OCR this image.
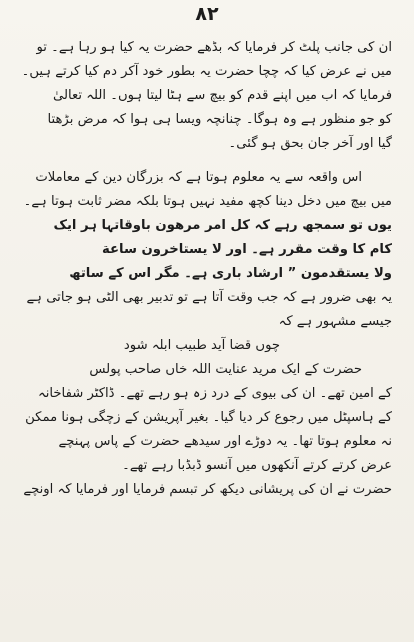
۸۲
ان کی جانب پلٹ کر فرمایا کہ بڈھے حضرت یہ کیا ہو رہا ہے۔ تو
میں نے عرض کیا کہ چچا حضرت یہ بطور خود آکر دم کیا کرتے ہیں۔
فرمایا کہ اب میں اپنے قدم کو بیچ سے ہٹا لیتا ہوں۔ اللہ تعالیٰ
کو جو منظور ہے وہ ہوگا۔ چنانچہ ویسا ہی ہوا کہ مرض بڑھتا
گیا اور آخر جان بحق ہو گئی۔
اس واقعہ سے یہ معلوم ہوتا ہے کہ بزرگان دین کے معاملات
میں بیچ میں دخل دینا کچھ مفید نہیں ہوتا بلکہ مضر ثابت ہوتا ہے۔
یوں تو سمجھ رہے کہ کل امر مرهون باوقاتہا ہر ایک
کام کا وقت مقرر ہے۔ اور لا یستاخرون ساعة
ولا یستقدمون ” ارشاد باری ہے۔ مگر اس کے ساتھ
یہ بھی ضرور ہے کہ جب وقت آتا ہے تو تدبیر بھی الٹی ہو جاتی ہے
جیسے مشہور ہے کہ
چوں قضا آید طبیب ابلہ شود
حضرت کے ایک مرید عنایت اللہ خاں صاحب پولس
کے امین تھے۔ ان کی بیوی کے درد زہ ہو رہے تھے۔ ڈاکٹر شفاخانہ
کے ہاسپٹل میں رجوع کر دیا گیا۔ بغیر آپریشن کے زچگی ہونا ممکن
نہ معلوم ہوتا تھا۔ یہ دوڑے اور سیدھے حضرت کے پاس پہنچے
عرض کرتے کرتے آنکھوں میں آنسو ڈبڈبا رہے تھے۔
حضرت نے ان کی پریشانی دیکھ کر تبسم فرمایا اور فرمایا کہ اونچے
